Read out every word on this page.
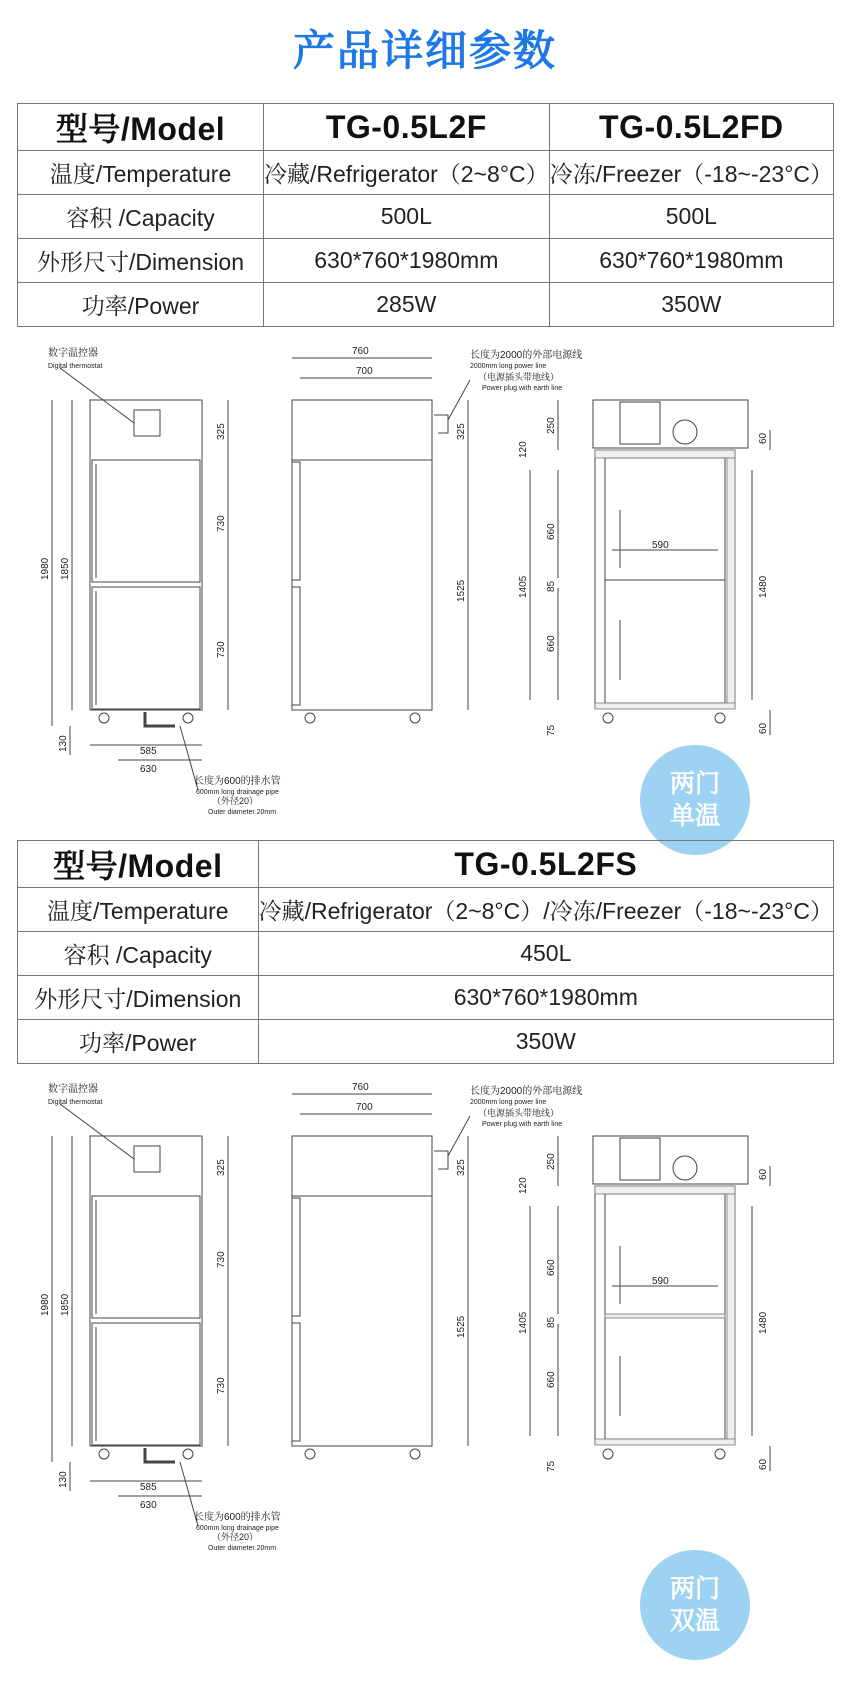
产品详细参数
型号/Model	TG-0.5L2F	TG-0.5L2FD
温度/Temperature	冷藏/Refrigerator（2~8°C）	冷冻/Freezer（-18~-23°C）
容积 /Capacity	500L	500L
外形尺寸/Dimension	630*760*1980mm	630*760*1980mm
功率/Power	285W	350W
数字温控器
Digital thermostat
长度为2000的外部电源线
2000mm long power line
（电源插头带地线）
Power plug with earth line
长度为600的排水管
600mm long drainage pipe
（外径20）
Outer diameter 20mm
585
630
760
700
590
1980 1850
325
730
730
130
325
1525
120
250
660
85
660
1405
75
60
1480
60
两门
单温
型号/Model	TG-0.5L2FS
温度/Temperature	冷藏/Refrigerator（2~8°C）/冷冻/Freezer（-18~-23°C）
容积 /Capacity	450L
外形尺寸/Dimension	630*760*1980mm
功率/Power	350W
数字温控器
Digital thermostat
长度为2000的外部电源线
2000mm long power line
（电源插头带地线）
Power plug with earth line
长度为600的排水管
600mm long drainage pipe
（外径20）
Outer diameter 20mm
585
630
760
700
590
1980 1850
325
730
730
130
325
1525
120
250
660
85
660
1405
75
60
1480
60
两门
双温
